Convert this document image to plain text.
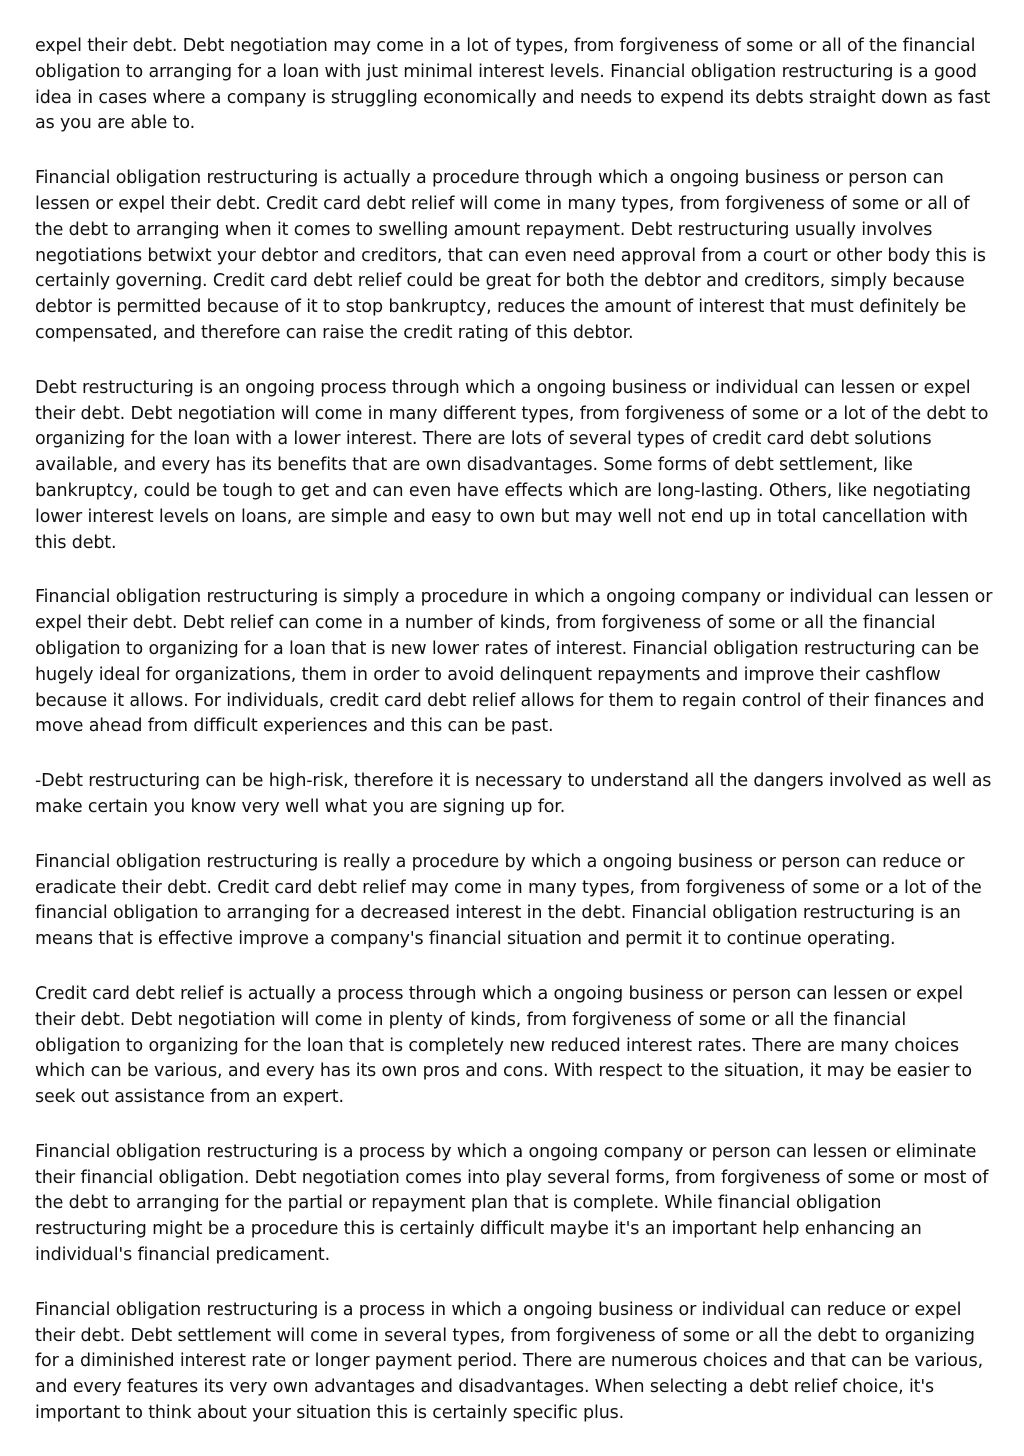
expel their debt. Debt negotiation may come in a lot of types, from forgiveness of some or all of the financial obligation to arranging for a loan with just minimal interest levels. Financial obligation restructuring is a good idea in cases where a company is struggling economically and needs to expend its debts straight down as fast as you are able to.

Financial obligation restructuring is actually a procedure through which a ongoing business or person can lessen or expel their debt. Credit card debt relief will come in many types, from forgiveness of some or all of the debt to arranging when it comes to swelling amount repayment. Debt restructuring usually involves negotiations betwixt your debtor and creditors, that can even need approval from a court or other body this is certainly governing. Credit card debt relief could be great for both the debtor and creditors, simply because debtor is permitted because of it to stop bankruptcy, reduces the amount of interest that must definitely be compensated, and therefore can raise the credit rating of this debtor.

Debt restructuring is an ongoing process through which a ongoing business or individual can lessen or expel their debt. Debt negotiation will come in many different types, from forgiveness of some or a lot of the debt to organizing for the loan with a lower interest. There are lots of several types of credit card debt solutions available, and every has its benefits that are own disadvantages. Some forms of debt settlement, like bankruptcy, could be tough to get and can even have effects which are long-lasting. Others, like negotiating lower interest levels on loans, are simple and easy to own but may well not end up in total cancellation with this debt.

Financial obligation restructuring is simply a procedure in which a ongoing company or individual can lessen or expel their debt. Debt relief can come in a number of kinds, from forgiveness of some or all the financial obligation to organizing for a loan that is new lower rates of interest. Financial obligation restructuring can be hugely ideal for organizations, them in order to avoid delinquent repayments and improve their cashflow because it allows. For individuals, credit card debt relief allows for them to regain control of their finances and move ahead from difficult experiences and this can be past.

-Debt restructuring can be high-risk, therefore it is necessary to understand all the dangers involved as well as make certain you know very well what you are signing up for.

Financial obligation restructuring is really a procedure by which a ongoing business or person can reduce or eradicate their debt. Credit card debt relief may come in many types, from forgiveness of some or a lot of the financial obligation to arranging for a decreased interest in the debt. Financial obligation restructuring is an means that is effective improve a company's financial situation and permit it to continue operating.

Credit card debt relief is actually a process through which a ongoing business or person can lessen or expel their debt. Debt negotiation will come in plenty of kinds, from forgiveness of some or all the financial obligation to organizing for the loan that is completely new reduced interest rates. There are many choices which can be various, and every has its own pros and cons. With respect to the situation, it may be easier to seek out assistance from an expert.

Financial obligation restructuring is a process by which a ongoing company or person can lessen or eliminate their financial obligation. Debt negotiation comes into play several forms, from forgiveness of some or most of the debt to arranging for the partial or repayment plan that is complete. While financial obligation restructuring might be a procedure this is certainly difficult maybe it's an important help enhancing an individual's financial predicament.

Financial obligation restructuring is a process in which a ongoing business or individual can reduce or expel their debt. Debt settlement will come in several types, from forgiveness of some or all the debt to organizing for a diminished interest rate or longer payment period. There are numerous choices and that can be various, and every features its very own advantages and disadvantages. When selecting a debt relief choice, it's important to think about your situation this is certainly specific plus.
